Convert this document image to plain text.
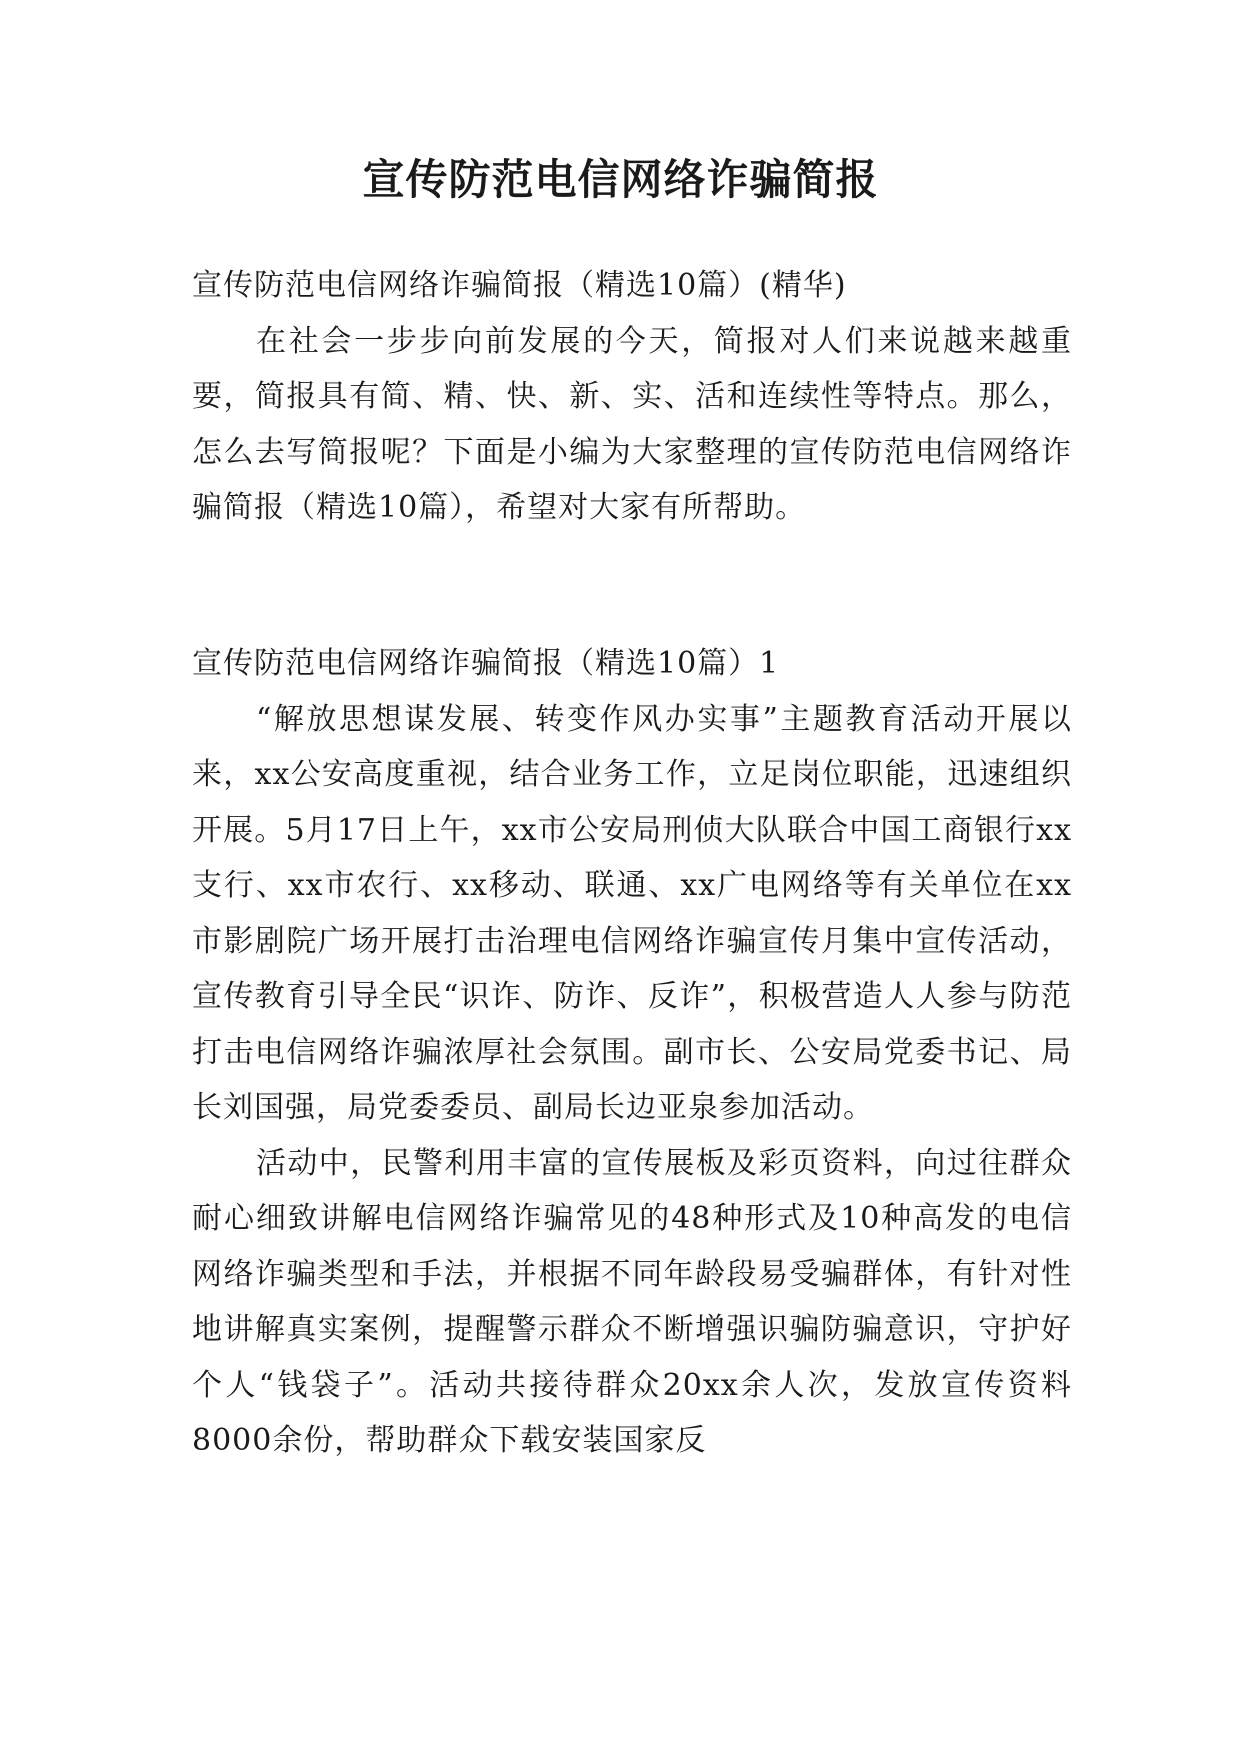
宣传防范电信网络诈骗简报

宣传防范电信网络诈骗简报（精选10篇）(精华)

在社会一步步向前发展的今天，简报对人们来说越来越重要，简报具有简、精、快、新、实、活和连续性等特点。那么，怎么去写简报呢？下面是小编为大家整理的宣传防范电信网络诈骗简报（精选10篇），希望对大家有所帮助。

宣传防范电信网络诈骗简报（精选10篇）1

“解放思想谋发展、转变作风办实事”主题教育活动开展以来，xx公安高度重视，结合业务工作，立足岗位职能，迅速组织开展。5月17日上午，xx市公安局刑侦大队联合中国工商银行xx支行、xx市农行、xx移动、联通、xx广电网络等有关单位在xx市影剧院广场开展打击治理电信网络诈骗宣传月集中宣传活动，宣传教育引导全民“识诈、防诈、反诈”，积极营造人人参与防范打击电信网络诈骗浓厚社会氛围。副市长、公安局党委书记、局长刘国强，局党委委员、副局长边亚泉参加活动。

活动中，民警利用丰富的宣传展板及彩页资料，向过往群众耐心细致讲解电信网络诈骗常见的48种形式及10种高发的电信网络诈骗类型和手法，并根据不同年龄段易受骗群体，有针对性地讲解真实案例，提醒警示群众不断增强识骗防骗意识，守护好个人“钱袋子”。活动共接待群众20xx余人次，发放宣传资料8000余份，帮助群众下载安装国家反
